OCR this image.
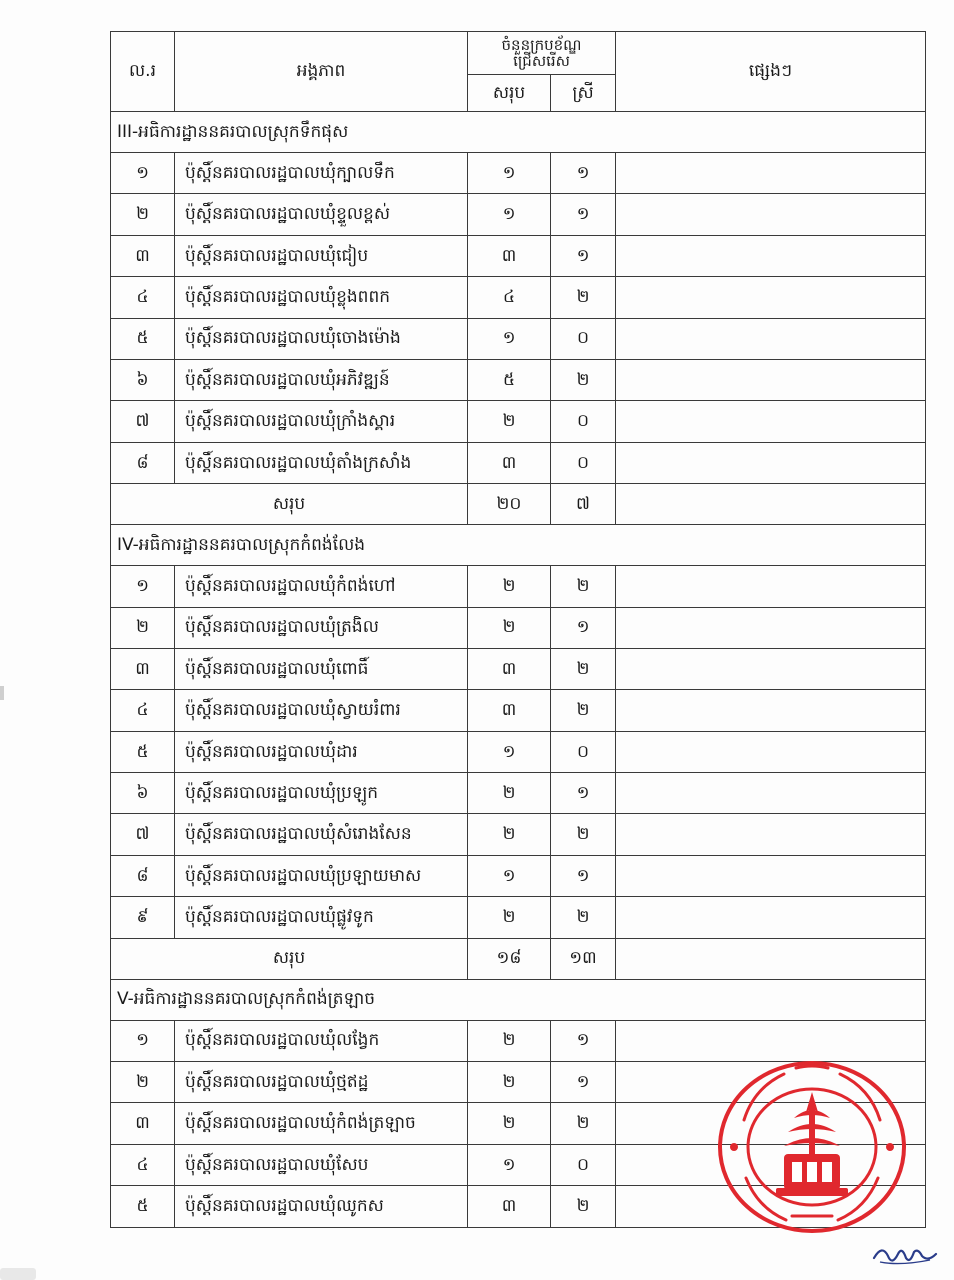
ល.រ	អង្គភាព	ចំនួនក្របខ័ណ្ឌជ្រើសរើស		ផ្សេងៗ
		សរុប	ស្រី	
III-អធិការដ្ឋាននគរបាលស្រុកទឹកផុស				
១	ប៉ុស្តិ៍នគរបាលរដ្ឋបាលឃុំក្បាលទឹក	១	១	
២	ប៉ុស្តិ៍នគរបាលរដ្ឋបាលឃុំខ្ទួលខ្ពស់	១	១	
៣	ប៉ុស្តិ៍នគរបាលរដ្ឋបាលឃុំជៀប	៣	១	
៤	ប៉ុស្តិ៍នគរបាលរដ្ឋបាលឃុំខ្លុងពពក	៤	២	
៥	ប៉ុស្តិ៍នគរបាលរដ្ឋបាលឃុំចោងម៉ោង	១	០	
៦	ប៉ុស្តិ៍នគរបាលរដ្ឋបាលឃុំអភិវឌ្ឍន៍	៥	២	
៧	ប៉ុស្តិ៍នគរបាលរដ្ឋបាលឃុំក្រាំងស្គារ	២	០	
៨	ប៉ុស្តិ៍នគរបាលរដ្ឋបាលឃុំតាំងក្រសាំង	៣	០	
សរុប		២០	៧	
IV-អធិការដ្ឋាននគរបាលស្រុកកំពង់លែង				
១	ប៉ុស្តិ៍នគរបាលរដ្ឋបាលឃុំកំពង់ហៅ	២	២	
២	ប៉ុស្តិ៍នគរបាលរដ្ឋបាលឃុំត្រងិល	២	១	
៣	ប៉ុស្តិ៍នគរបាលរដ្ឋបាលឃុំពោធិ៍	៣	២	
៤	ប៉ុស្តិ៍នគរបាលរដ្ឋបាលឃុំស្វាយរំពារ	៣	២	
៥	ប៉ុស្តិ៍នគរបាលរដ្ឋបាលឃុំដារ	១	០	
៦	ប៉ុស្តិ៍នគរបាលរដ្ឋបាលឃុំប្រឡូក	២	១	
៧	ប៉ុស្តិ៍នគរបាលរដ្ឋបាលឃុំសំរោងសែន	២	២	
៨	ប៉ុស្តិ៍នគរបាលរដ្ឋបាលឃុំប្រឡាយមាស	១	១	
៩	ប៉ុស្តិ៍នគរបាលរដ្ឋបាលឃុំផ្លូវទូក	២	២	
សរុប		១៨	១៣	
V-អធិការដ្ឋាននគរបាលស្រុកកំពង់ត្រឡាច				
១	ប៉ុស្តិ៍នគរបាលរដ្ឋបាលឃុំលង្វែក	២	១	
២	ប៉ុស្តិ៍នគរបាលរដ្ឋបាលឃុំថ្មឥដ្ឋ	២	១	
៣	ប៉ុស្តិ៍នគរបាលរដ្ឋបាលឃុំកំពង់ត្រឡាច	២	២	
៤	ប៉ុស្តិ៍នគរបាលរដ្ឋបាលឃុំសែប	១	០	
៥	ប៉ុស្តិ៍នគរបាលរដ្ឋបាលឃុំឈូកស	៣	២	
